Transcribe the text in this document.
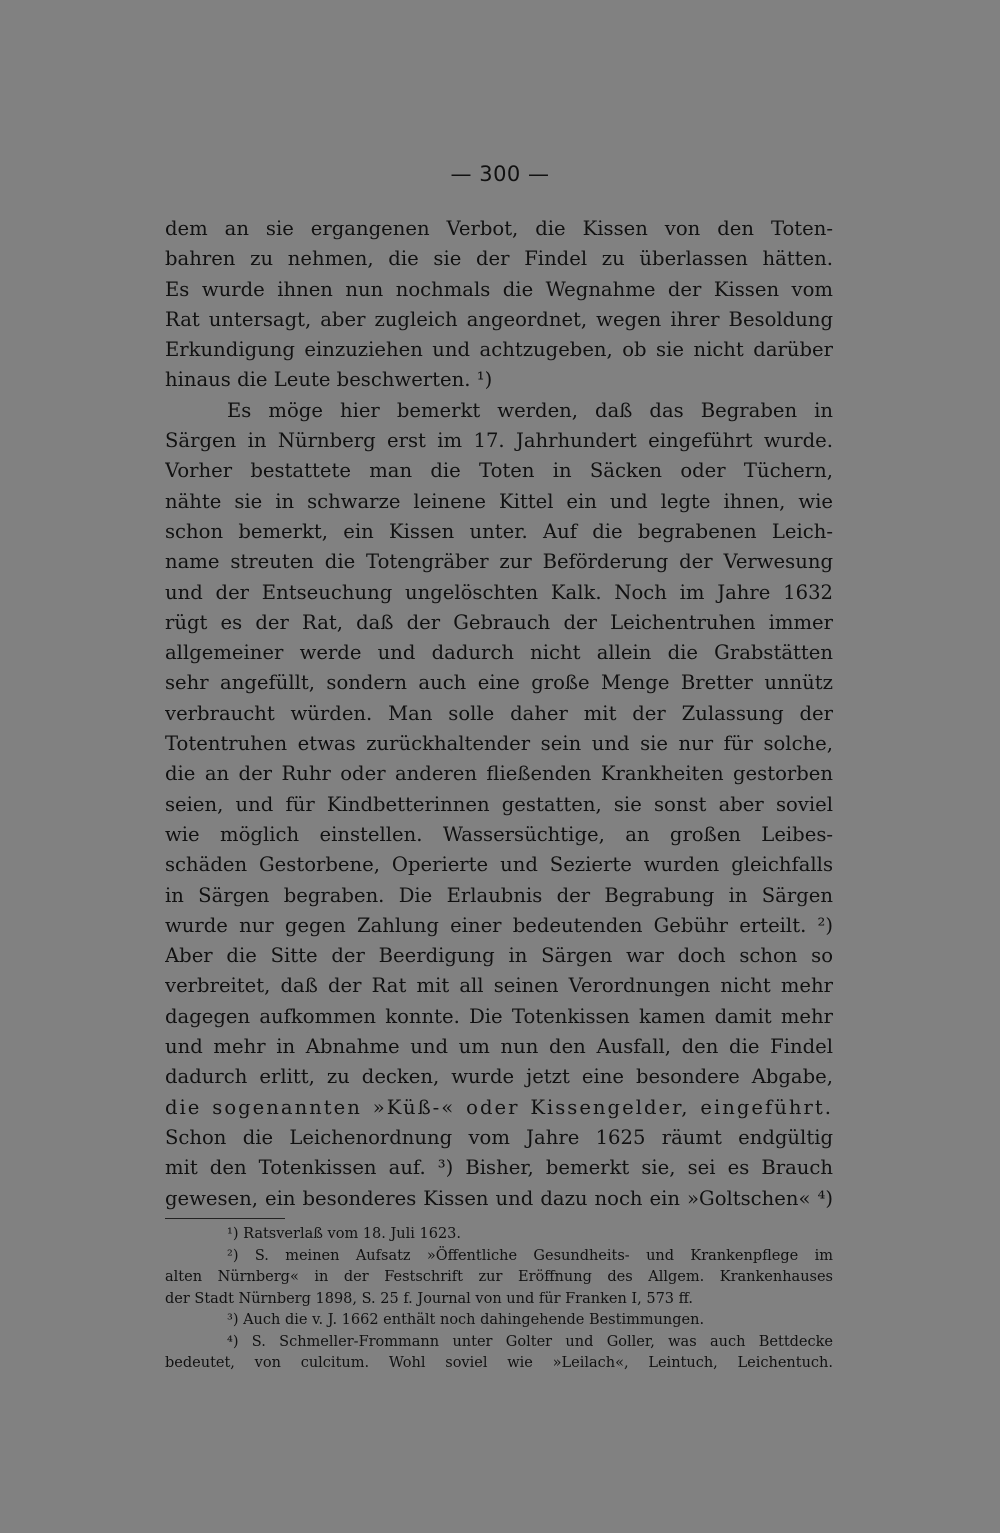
— 300 —
dem an sie ergangenen Verbot, die Kissen von den Toten-
bahren zu nehmen, die sie der Findel zu überlassen hätten.
Es wurde ihnen nun nochmals die Wegnahme der Kissen vom
Rat untersagt, aber zugleich angeordnet, wegen ihrer Besoldung
Erkundigung einzuziehen und achtzugeben, ob sie nicht darüber
hinaus die Leute beschwerten. ¹)
Es möge hier bemerkt werden, daß das Begraben in
Särgen in Nürnberg erst im 17. Jahrhundert eingeführt wurde.
Vorher bestattete man die Toten in Säcken oder Tüchern,
nähte sie in schwarze leinene Kittel ein und legte ihnen, wie
schon bemerkt, ein Kissen unter. Auf die begrabenen Leich-
name streuten die Totengräber zur Beförderung der Verwesung
und der Entseuchung ungelöschten Kalk. Noch im Jahre 1632
rügt es der Rat, daß der Gebrauch der Leichentruhen immer
allgemeiner werde und dadurch nicht allein die Grabstätten
sehr angefüllt, sondern auch eine große Menge Bretter unnütz
verbraucht würden. Man solle daher mit der Zulassung der
Totentruhen etwas zurückhaltender sein und sie nur für solche,
die an der Ruhr oder anderen fließenden Krankheiten gestorben
seien, und für Kindbetterinnen gestatten, sie sonst aber soviel
wie möglich einstellen. Wassersüchtige, an großen Leibes-
schäden Gestorbene, Operierte und Sezierte wurden gleichfalls
in Särgen begraben. Die Erlaubnis der Begrabung in Särgen
wurde nur gegen Zahlung einer bedeutenden Gebühr erteilt. ²)
Aber die Sitte der Beerdigung in Särgen war doch schon so
verbreitet, daß der Rat mit all seinen Verordnungen nicht mehr
dagegen aufkommen konnte. Die Totenkissen kamen damit mehr
und mehr in Abnahme und um nun den Ausfall, den die Findel
dadurch erlitt, zu decken, wurde jetzt eine besondere Abgabe,
die sogenannten »Küß-« oder Kissengelder, eingeführt.
Schon die Leichenordnung vom Jahre 1625 räumt endgültig
mit den Totenkissen auf. ³) Bisher, bemerkt sie, sei es Brauch
gewesen, ein besonderes Kissen und dazu noch ein »Goltschen« ⁴)
¹) Ratsverlaß vom 18. Juli 1623.
²) S. meinen Aufsatz »Öffentliche Gesundheits- und Krankenpflege im
alten Nürnberg« in der Festschrift zur Eröffnung des Allgem. Krankenhauses
der Stadt Nürnberg 1898, S. 25 f. Journal von und für Franken I, 573 ff.
³) Auch die v. J. 1662 enthält noch dahingehende Bestimmungen.
⁴) S. Schmeller-Frommann unter Golter und Goller, was auch Bettdecke
bedeutet, von culcitum. Wohl soviel wie »Leilach«, Leintuch, Leichentuch.
